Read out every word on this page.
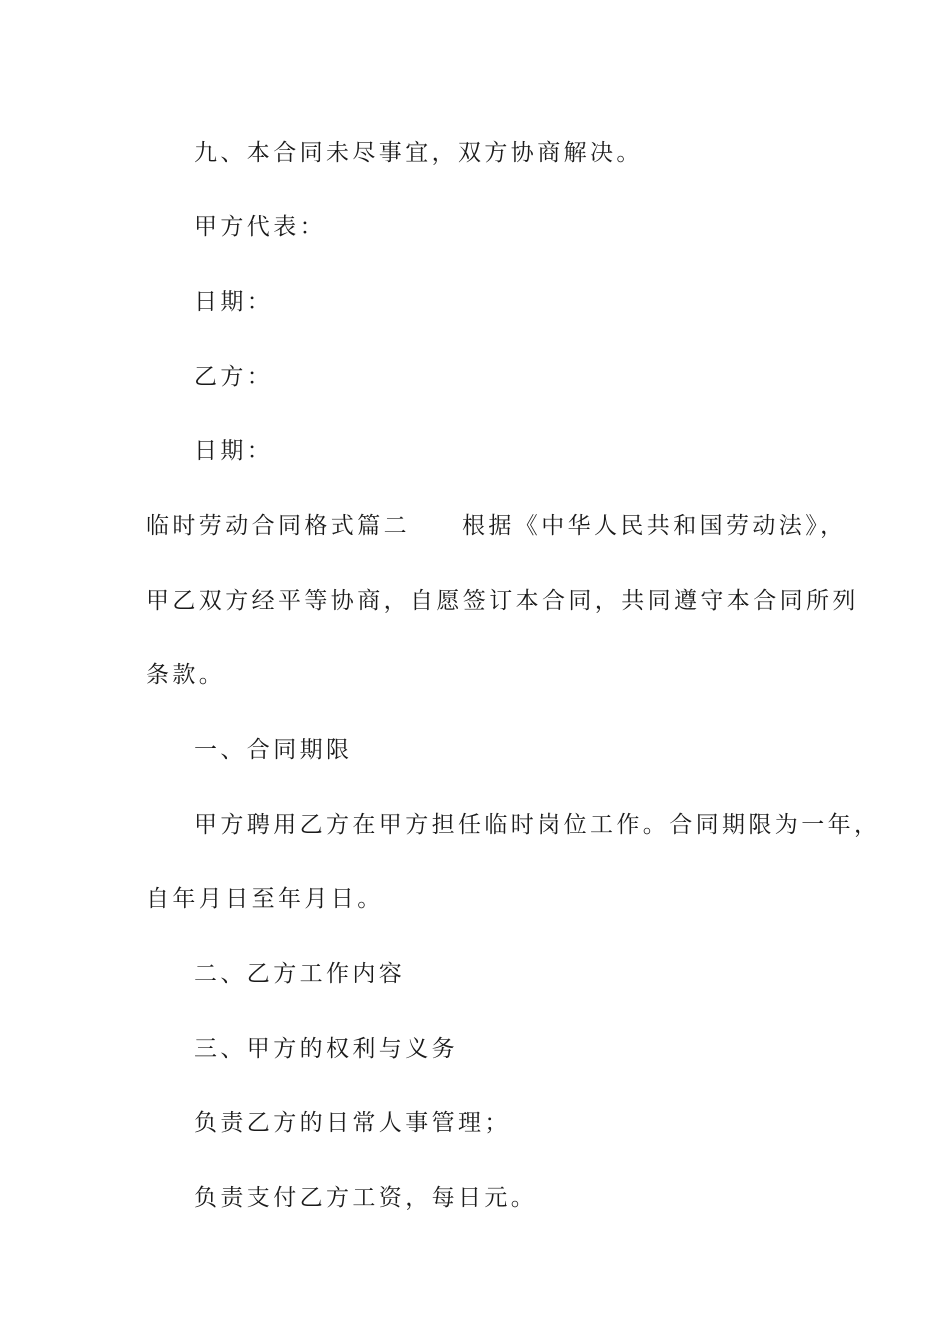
九、本合同未尽事宜，双方协商解决。

甲方代表：

日期：

乙方：

日期：

临时劳动合同格式篇二 根据《中华人民共和国劳动法》，

甲乙双方经平等协商，自愿签订本合同，共同遵守本合同所列

条款。

一、合同期限

甲方聘用乙方在甲方担任临时岗位工作。合同期限为一年，

自年月日至年月日。

二、乙方工作内容

三、甲方的权利与义务

负责乙方的日常人事管理；

负责支付乙方工资，每日元。
